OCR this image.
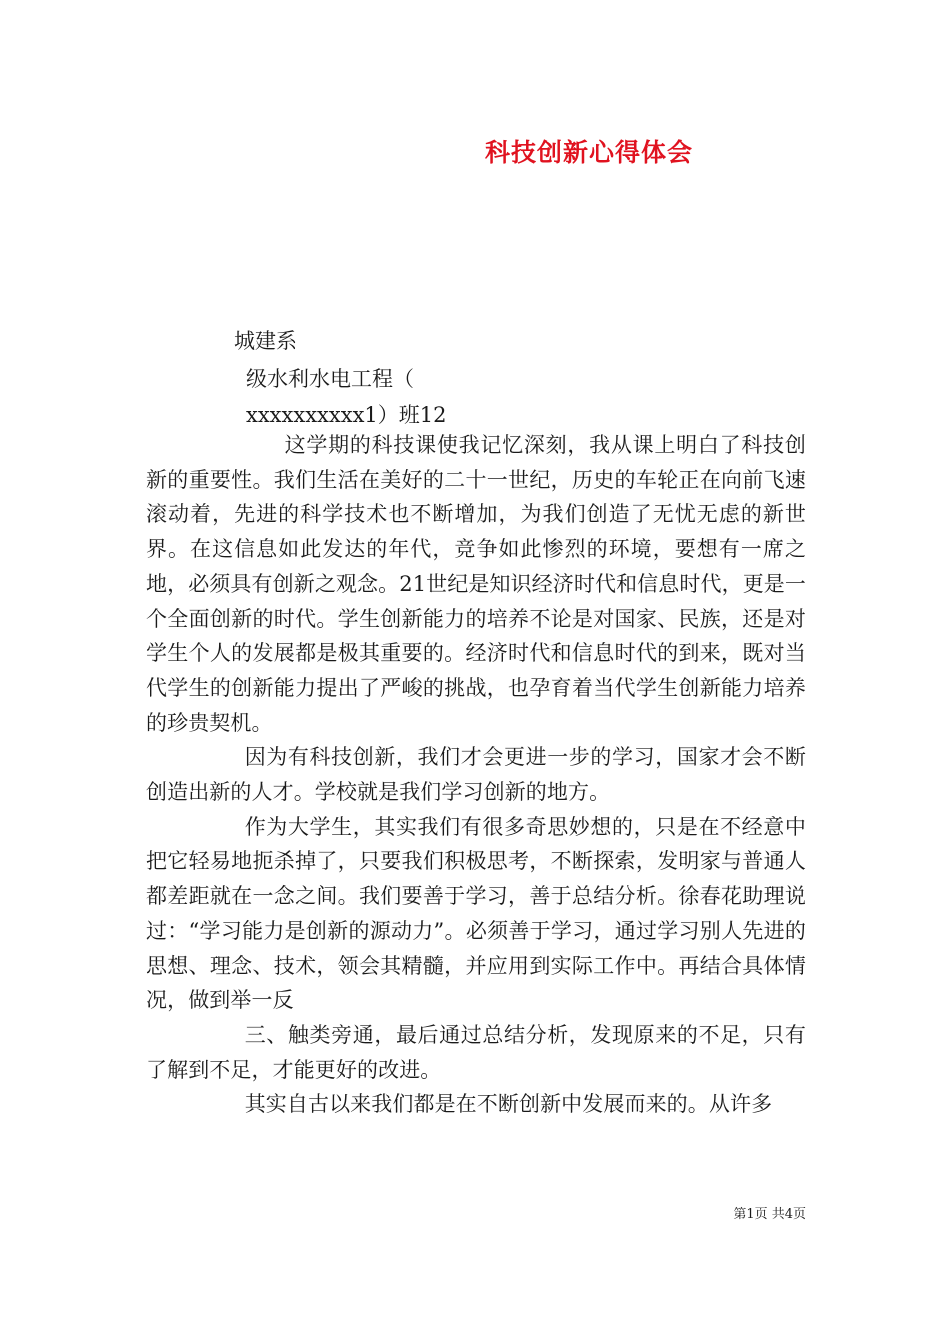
科技创新心得体会
城建系
级水利水电工程（
xxxxxxxxxx1）班12

这学期的科技课使我记忆深刻，我从课上明白了科技创新的重要性。我们生活在美好的二十一世纪，历史的车轮正在向前飞速滚动着，先进的科学技术也不断增加，为我们创造了无忧无虑的新世界。在这信息如此发达的年代，竞争如此惨烈的环境，要想有一席之地，必须具有创新之观念。21世纪是知识经济时代和信息时代，更是一个全面创新的时代。学生创新能力的培养不论是对国家、民族，还是对学生个人的发展都是极其重要的。经济时代和信息时代的到来，既对当代学生的创新能力提出了严峻的挑战，也孕育着当代学生创新能力培养的珍贵契机。

因为有科技创新，我们才会更进一步的学习，国家才会不断创造出新的人才。学校就是我们学习创新的地方。

作为大学生，其实我们有很多奇思妙想的，只是在不经意中把它轻易地扼杀掉了，只要我们积极思考，不断探索，发明家与普通人都差距就在一念之间。我们要善于学习，善于总结分析。徐春花助理说过：“学习能力是创新的源动力”。必须善于学习，通过学习别人先进的思想、理念、技术，领会其精髓，并应用到实际工作中。再结合具体情况，做到举一反

三、触类旁通，最后通过总结分析，发现原来的不足，只有了解到不足，才能更好的改进。

其实自古以来我们都是在不断创新中发展而来的。从许多

第1页 共4页
